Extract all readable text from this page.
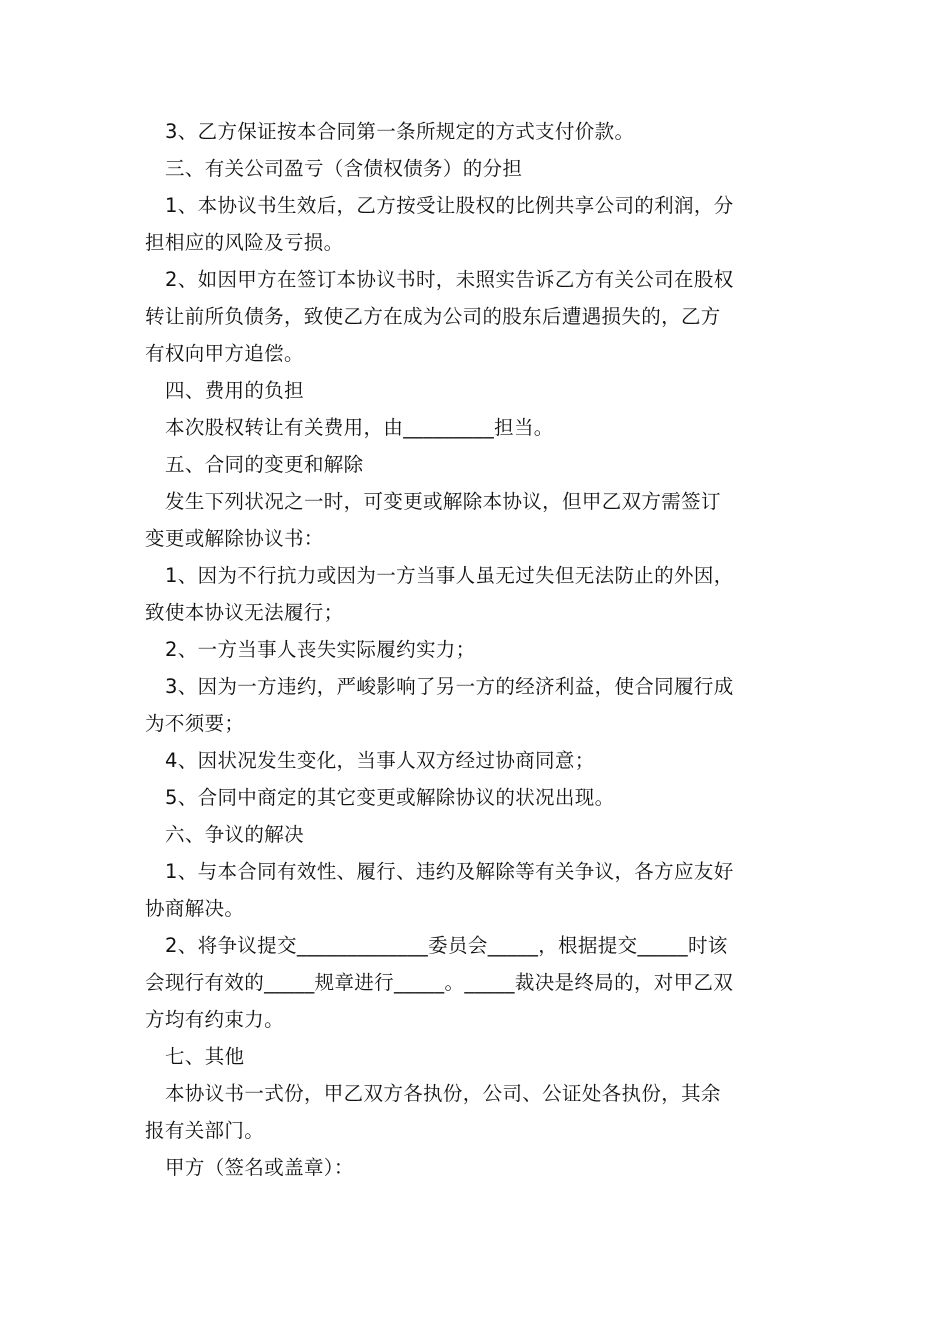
3、乙方保证按本合同第一条所规定的方式支付价款。
三、有关公司盈亏（含债权债务）的分担
1、本协议书生效后，乙方按受让股权的比例共享公司的利润，分
担相应的风险及亏损。
2、如因甲方在签订本协议书时，未照实告诉乙方有关公司在股权
转让前所负债务，致使乙方在成为公司的股东后遭遇损失的，乙方
有权向甲方追偿。
四、费用的负担
本次股权转让有关费用，由_________担当。
五、合同的变更和解除
发生下列状况之一时，可变更或解除本协议，但甲乙双方需签订
变更或解除协议书：
1、因为不行抗力或因为一方当事人虽无过失但无法防止的外因，
致使本协议无法履行；
2、一方当事人丧失实际履约实力；
3、因为一方违约，严峻影响了另一方的经济利益，使合同履行成
为不须要；
4、因状况发生变化，当事人双方经过协商同意；
5、合同中商定的其它变更或解除协议的状况出现。
六、争议的解决
1、与本合同有效性、履行、违约及解除等有关争议，各方应友好
协商解决。
2、将争议提交_____________委员会_____，根据提交_____时该
会现行有效的_____规章进行_____。_____裁决是终局的，对甲乙双
方均有约束力。
七、其他
本协议书一式份，甲乙双方各执份，公司、公证处各执份，其余
报有关部门。
甲方（签名或盖章）：
